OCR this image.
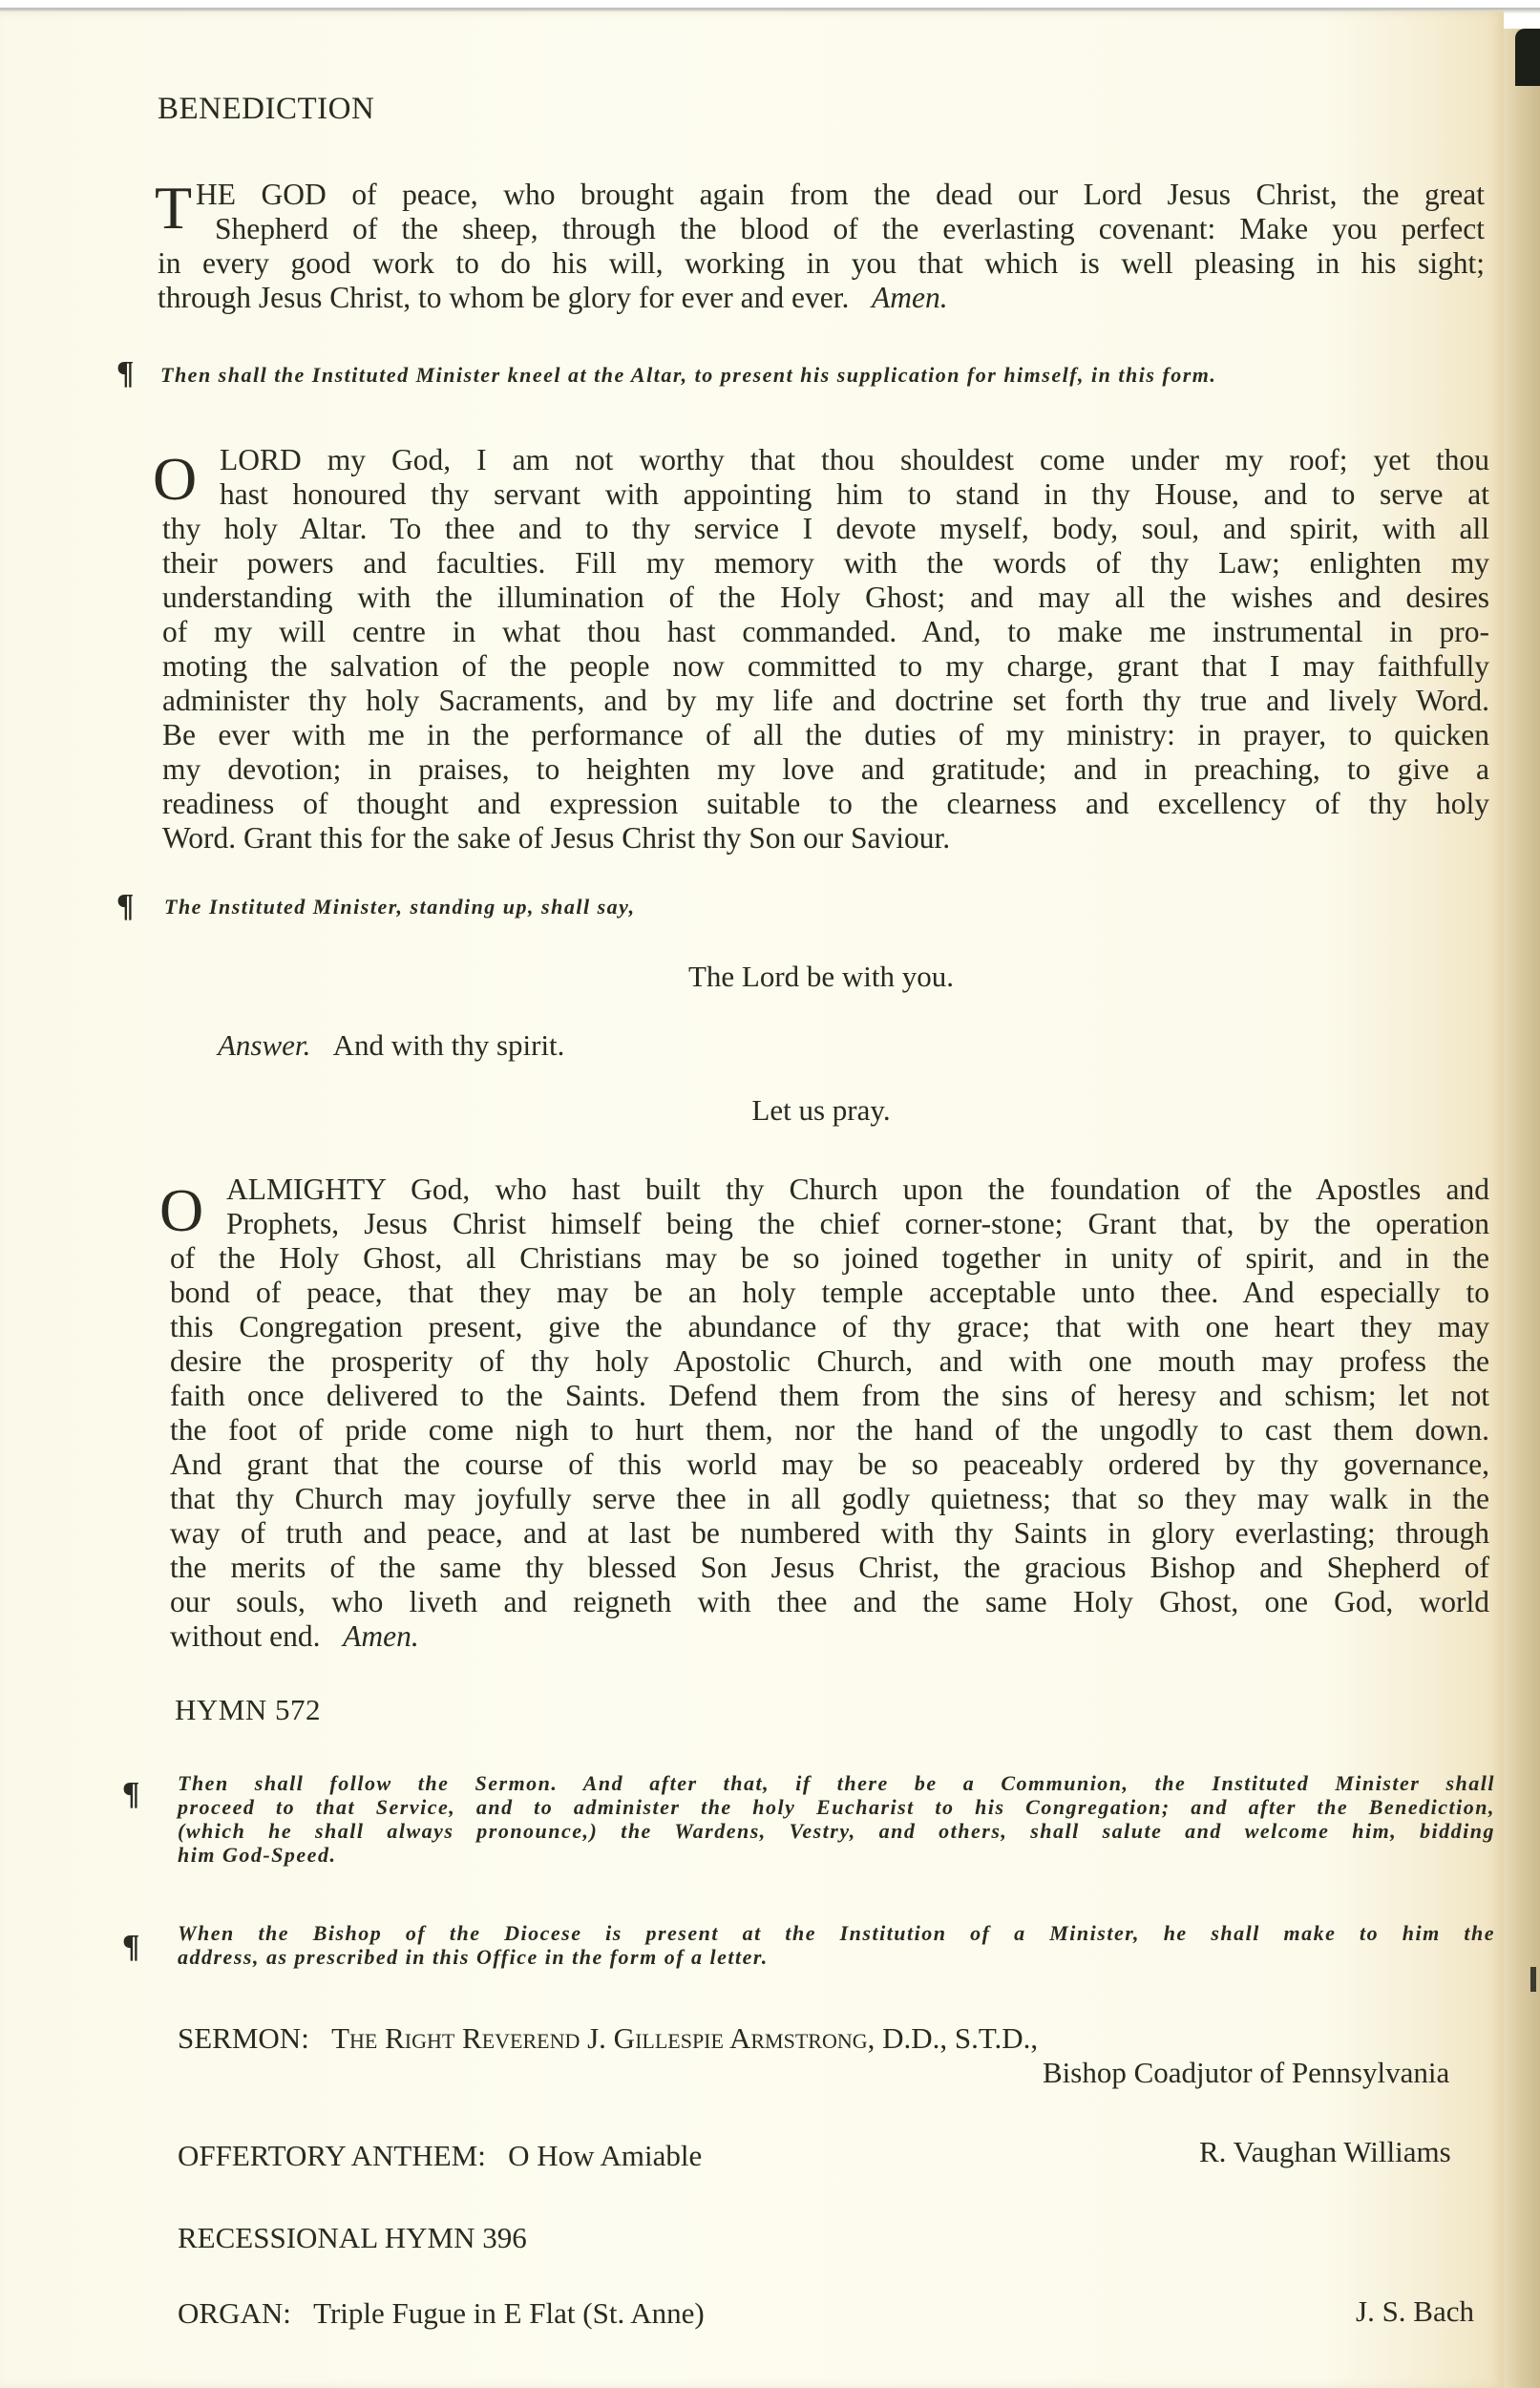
BENEDICTION
T HE GOD of peace, who brought again from the dead our Lord Jesus Christ, the great
Shepherd of the sheep, through the blood of the everlasting covenant: Make you perfect
in every good work to do his will, working in you that which is well pleasing in his sight;
through Jesus Christ, to whom be glory for ever and ever. Amen.
¶ Then shall the Instituted Minister kneel at the Altar, to present his supplication for himself, in this form.
O LORD my God, I am not worthy that thou shouldest come under my roof; yet thou
hast honoured thy servant with appointing him to stand in thy House, and to serve at
thy holy Altar. To thee and to thy service I devote myself, body, soul, and spirit, with all
their powers and faculties. Fill my memory with the words of thy Law; enlighten my
understanding with the illumination of the Holy Ghost; and may all the wishes and desires
of my will centre in what thou hast commanded. And, to make me instrumental in pro-
moting the salvation of the people now committed to my charge, grant that I may faithfully
administer thy holy Sacraments, and by my life and doctrine set forth thy true and lively Word.
Be ever with me in the performance of all the duties of my ministry: in prayer, to quicken
my devotion; in praises, to heighten my love and gratitude; and in preaching, to give a
readiness of thought and expression suitable to the clearness and excellency of thy holy
Word. Grant this for the sake of Jesus Christ thy Son our Saviour.
¶ The Instituted Minister, standing up, shall say,
The Lord be with you.
Answer. And with thy spirit.
Let us pray.
O ALMIGHTY God, who hast built thy Church upon the foundation of the Apostles and
Prophets, Jesus Christ himself being the chief corner-stone; Grant that, by the operation
of the Holy Ghost, all Christians may be so joined together in unity of spirit, and in the
bond of peace, that they may be an holy temple acceptable unto thee. And especially to
this Congregation present, give the abundance of thy grace; that with one heart they may
desire the prosperity of thy holy Apostolic Church, and with one mouth may profess the
faith once delivered to the Saints. Defend them from the sins of heresy and schism; let not
the foot of pride come nigh to hurt them, nor the hand of the ungodly to cast them down.
And grant that the course of this world may be so peaceably ordered by thy governance,
that thy Church may joyfully serve thee in all godly quietness; that so they may walk in the
way of truth and peace, and at last be numbered with thy Saints in glory everlasting; through
the merits of the same thy blessed Son Jesus Christ, the gracious Bishop and Shepherd of
our souls, who liveth and reigneth with thee and the same Holy Ghost, one God, world
without end. Amen.
HYMN 572
¶ Then shall follow the Sermon. And after that, if there be a Communion, the Instituted Minister shall
proceed to that Service, and to administer the holy Eucharist to his Congregation; and after the Benediction,
(which he shall always pronounce,) the Wardens, Vestry, and others, shall salute and welcome him, bidding
him God-Speed.
¶ When the Bishop of the Diocese is present at the Institution of a Minister, he shall make to him the
address, as prescribed in this Office in the form of a letter.
SERMON: The Right Reverend J. Gillespie Armstrong, D.D., S.T.D.,
Bishop Coadjutor of Pennsylvania
OFFERTORY ANTHEM: O How Amiable	R. Vaughan Williams
RECESSIONAL HYMN 396
ORGAN: Triple Fugue in E Flat (St. Anne)	J. S. Bach
